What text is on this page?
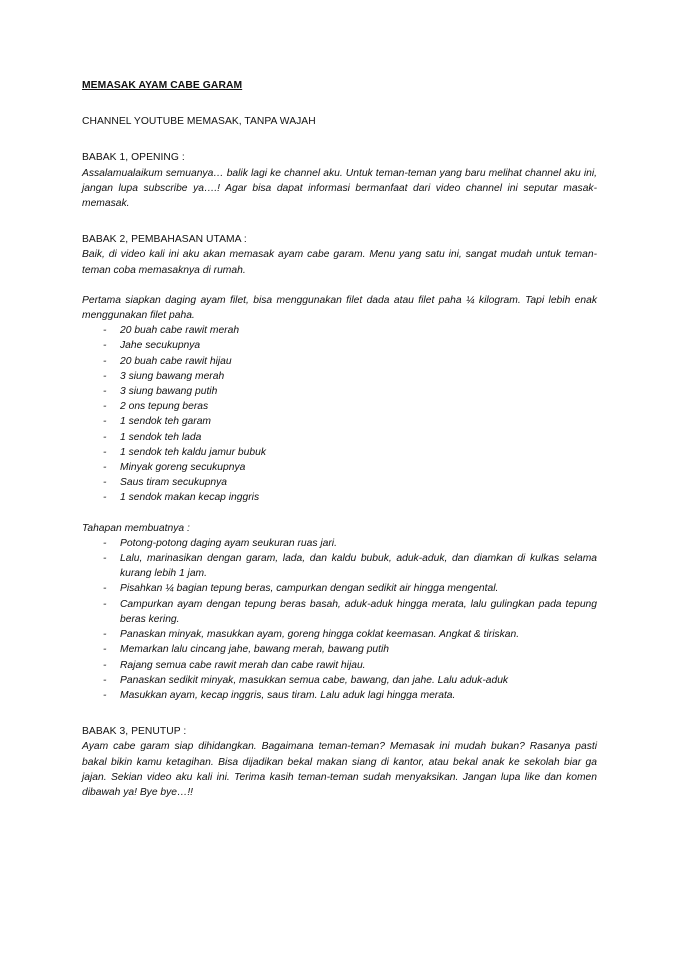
MEMASAK AYAM CABE GARAM
CHANNEL YOUTUBE MEMASAK, TANPA WAJAH
BABAK 1, OPENING :

Assalamualaikum semuanya… balik lagi ke channel aku. Untuk teman-teman yang baru melihat channel aku ini, jangan lupa subscribe ya….! Agar bisa dapat informasi bermanfaat dari video channel ini seputar masak-memasak.

BABAK 2, PEMBAHASAN UTAMA :

Baik, di video kali ini aku akan memasak ayam cabe garam. Menu yang satu ini, sangat mudah untuk teman-teman coba memasaknya di rumah.

Pertama siapkan daging ayam filet, bisa menggunakan filet dada atau filet paha ¼ kilogram. Tapi lebih enak menggunakan filet paha.

- 20 buah cabe rawit merah
- Jahe secukupnya
- 20 buah cabe rawit hijau
- 3 siung bawang merah
- 3 siung bawang putih
- 2 ons tepung beras
- 1 sendok teh garam
- 1 sendok teh lada
- 1 sendok teh kaldu jamur bubuk
- Minyak goreng secukupnya
- Saus tiram secukupnya
- 1 sendok makan kecap inggris
Tahapan membuatnya :
- Potong-potong daging ayam seukuran ruas jari.
- Lalu, marinasikan dengan garam, lada, dan kaldu bubuk, aduk-aduk, dan diamkan di kulkas selama kurang lebih 1 jam.
- Pisahkan ¼ bagian tepung beras, campurkan dengan sedikit air hingga mengental.
- Campurkan ayam dengan tepung beras basah, aduk-aduk hingga merata, lalu gulingkan pada tepung beras kering.
- Panaskan minyak, masukkan ayam, goreng hingga coklat keemasan. Angkat & tiriskan.
- Memarkan lalu cincang jahe, bawang merah, bawang putih
- Rajang semua cabe rawit merah dan cabe rawit hijau.
- Panaskan sedikit minyak, masukkan semua cabe, bawang, dan jahe. Lalu aduk-aduk
- Masukkan ayam, kecap inggris, saus tiram. Lalu aduk lagi hingga merata.
BABAK 3, PENUTUP :

Ayam cabe garam siap dihidangkan. Bagaimana teman-teman? Memasak ini mudah bukan? Rasanya pasti bakal bikin kamu ketagihan. Bisa dijadikan bekal makan siang di kantor, atau bekal anak ke sekolah biar ga jajan. Sekian video aku kali ini. Terima kasih teman-teman sudah menyaksikan. Jangan lupa like dan komen dibawah ya! Bye bye…!!
